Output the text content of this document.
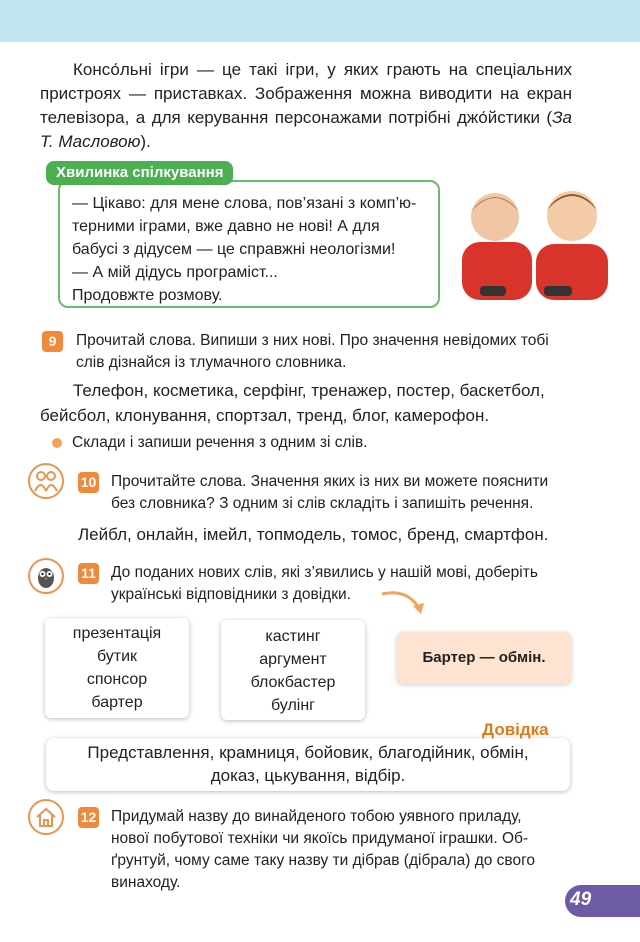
Консо́льні ігри — це такі ігри, у яких грають на спеціальних пристроях — приставках. Зображення можна виводити на екран телевізора, а для керування персонажами потрібні джо́йстики (За Т. Масловою).
— Цікаво: для мене слова, пов’язані з комп’ю-
терними іграми, вже давно не нові! А для
бабусі з дідусем — це справжні неологізми!
— А мій дідусь програміст...
Продовжте розмову.
Хвилинка спілкування
9	Прочитай слова. Випиши з них нові. Про значення невідомих тобі
слів дізнайся із тлумачного словника.
Телефон, косметика, серфінг, тренажер, постер, баскетбол,
бейсбол, клонування, спортзал, тренд, блог, камерофон.
Склади і запиши речення з одним зі слів.
10 Прочитайте слова. Значення яких із них ви можете пояснити
без словника? З одним зі слів складіть і запишіть речення.
Лейбл, онлайн, імейл, топмодель, томос, бренд, смартфон.
11 До поданих нових слів, які з’явились у нашій мові, доберіть
українські відповідники з довідки.
презентація
бутик
спонсор
бартер
кастинг
аргумент
блокбастер
булінг
Бартер — обмін.
Представлення, крамниця, бойовик, благодійник, обмін,
доказ, цькування, відбір.
Довідка
12 Придумай назву до винайденого тобою уявного приладу,
нової побутової техніки чи якоїсь придуманої іграшки. Об-
ґрунтуй, чому саме таку назву ти дібрав (дібрала) до свого
винаходу.
49
